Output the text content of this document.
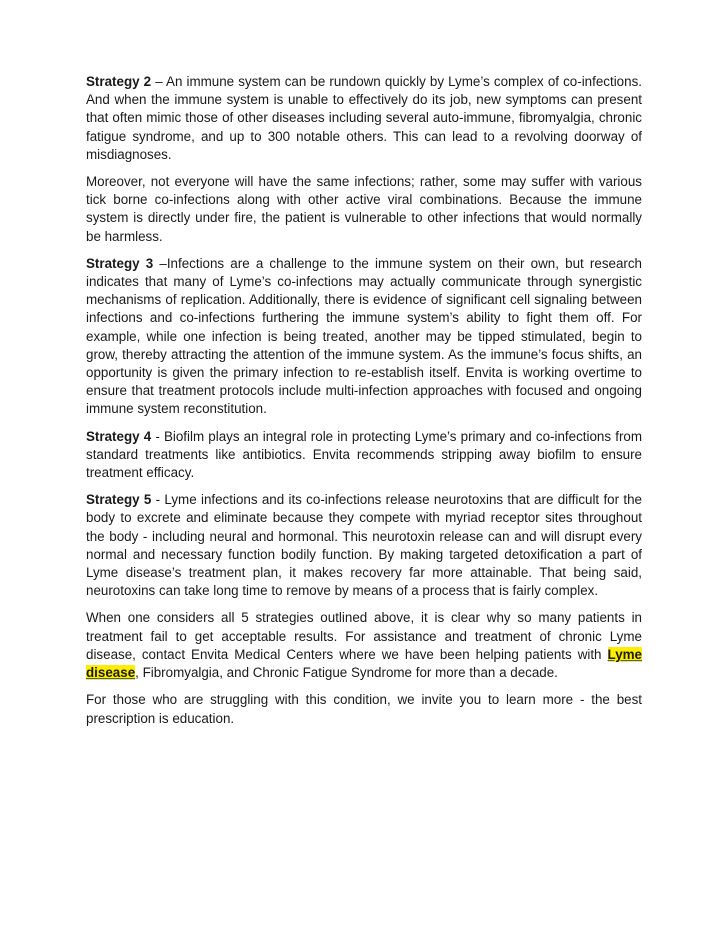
Strategy 2 – An immune system can be rundown quickly by Lyme’s complex of co-infections. And when the immune system is unable to effectively do its job, new symptoms can present that often mimic those of other diseases including several auto-immune, fibromyalgia, chronic fatigue syndrome, and up to 300 notable others. This can lead to a revolving doorway of misdiagnoses.

Moreover, not everyone will have the same infections; rather, some may suffer with various tick borne co-infections along with other active viral combinations. Because the immune system is directly under fire, the patient is vulnerable to other infections that would normally be harmless.

Strategy 3 –Infections are a challenge to the immune system on their own, but research indicates that many of Lyme’s co-infections may actually communicate through synergistic mechanisms of replication. Additionally, there is evidence of significant cell signaling between infections and co-infections furthering the immune system’s ability to fight them off. For example, while one infection is being treated, another may be tipped stimulated, begin to grow, thereby attracting the attention of the immune system. As the immune’s focus shifts, an opportunity is given the primary infection to re-establish itself. Envita is working overtime to ensure that treatment protocols include multi-infection approaches with focused and ongoing immune system reconstitution.

Strategy 4 - Biofilm plays an integral role in protecting Lyme’s primary and co-infections from standard treatments like antibiotics. Envita recommends stripping away biofilm to ensure treatment efficacy.

Strategy 5 - Lyme infections and its co-infections release neurotoxins that are difficult for the body to excrete and eliminate because they compete with myriad receptor sites throughout the body - including neural and hormonal. This neurotoxin release can and will disrupt every normal and necessary function bodily function. By making targeted detoxification a part of Lyme disease’s treatment plan, it makes recovery far more attainable. That being said, neurotoxins can take long time to remove by means of a process that is fairly complex.

When one considers all 5 strategies outlined above, it is clear why so many patients in treatment fail to get acceptable results. For assistance and treatment of chronic Lyme disease, contact Envita Medical Centers where we have been helping patients with Lyme disease, Fibromyalgia, and Chronic Fatigue Syndrome for more than a decade.

For those who are struggling with this condition, we invite you to learn more - the best prescription is education.
